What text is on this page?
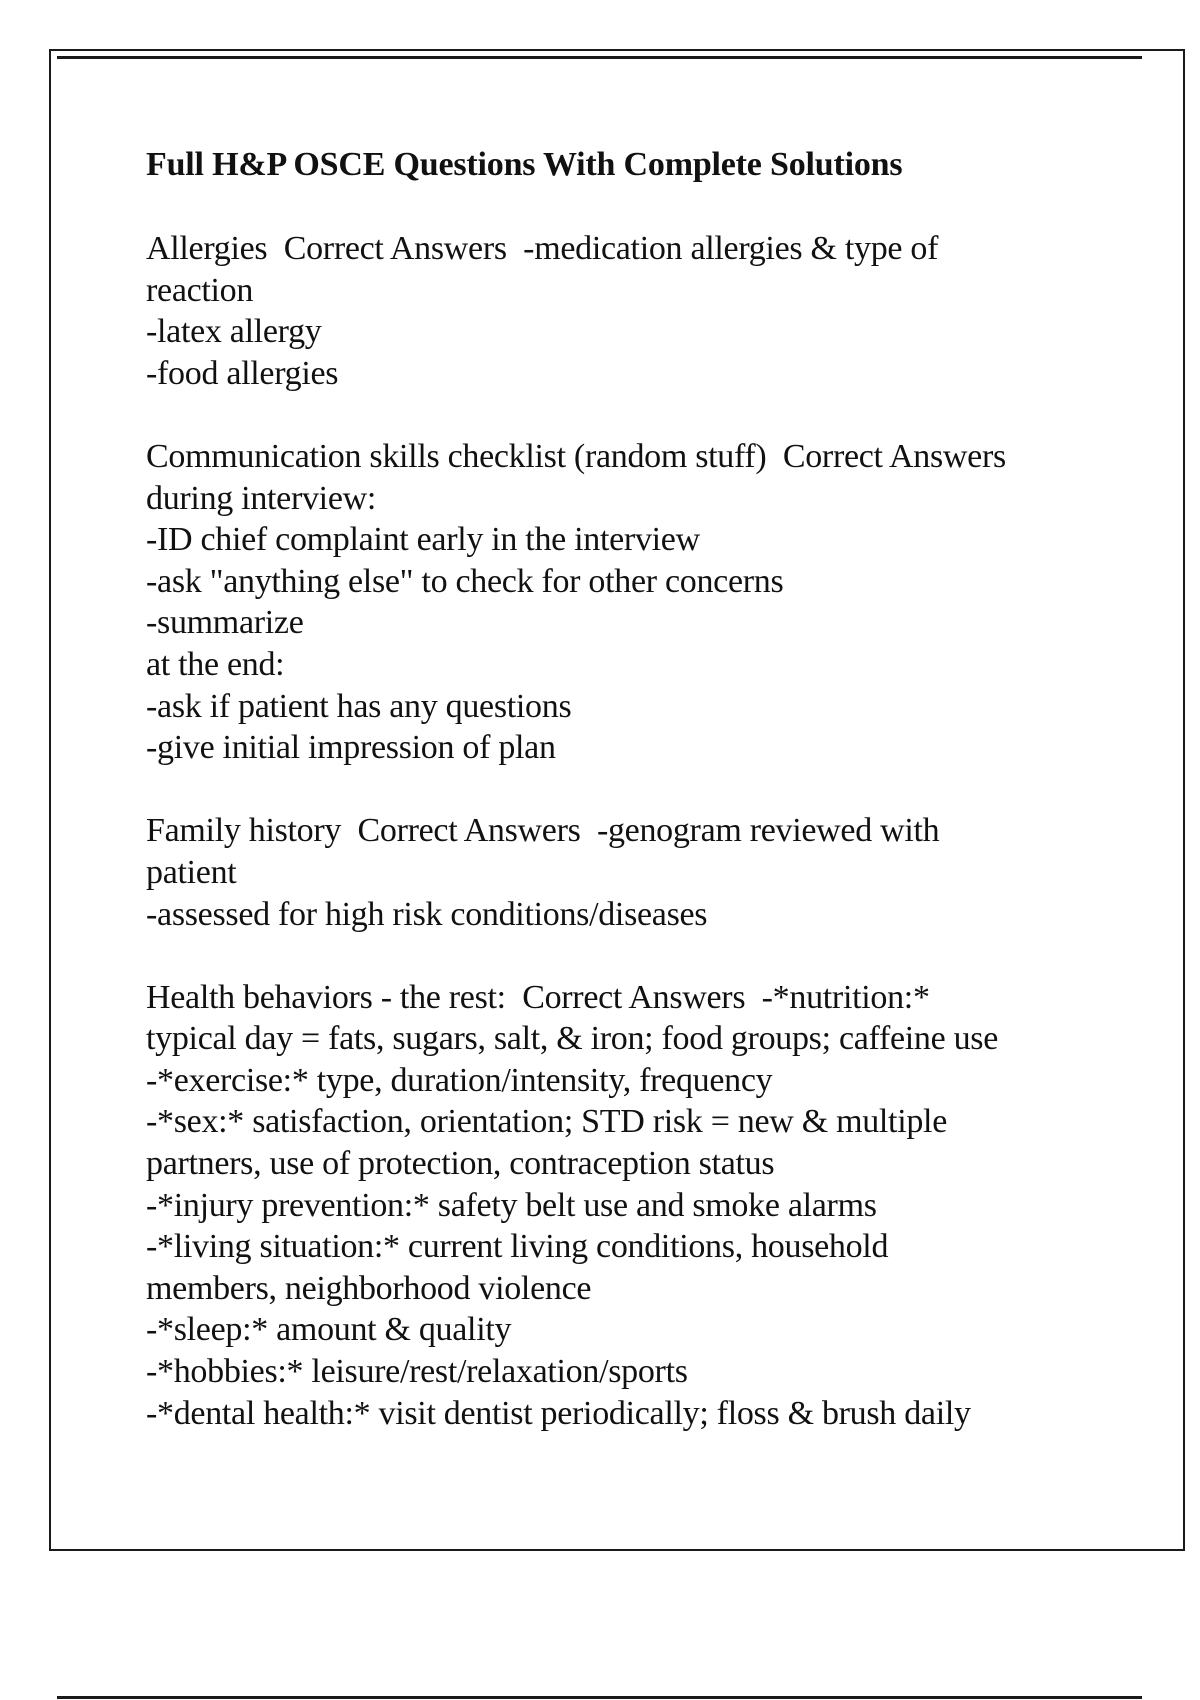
Full H&P OSCE Questions With Complete Solutions
Allergies  Correct Answers  -medication allergies & type of
reaction
-latex allergy
-food allergies
Communication skills checklist (random stuff)  Correct Answers
during interview:
-ID chief complaint early in the interview
-ask "anything else" to check for other concerns
-summarize
at the end:
-ask if patient has any questions
-give initial impression of plan
Family history  Correct Answers  -genogram reviewed with
patient
-assessed for high risk conditions/diseases
Health behaviors - the rest:  Correct Answers  -*nutrition:*
typical day = fats, sugars, salt, & iron; food groups; caffeine use
-*exercise:* type, duration/intensity, frequency
-*sex:* satisfaction, orientation; STD risk = new & multiple
partners, use of protection, contraception status
-*injury prevention:* safety belt use and smoke alarms
-*living situation:* current living conditions, household
members, neighborhood violence
-*sleep:* amount & quality
-*hobbies:* leisure/rest/relaxation/sports
-*dental health:* visit dentist periodically; floss & brush daily
